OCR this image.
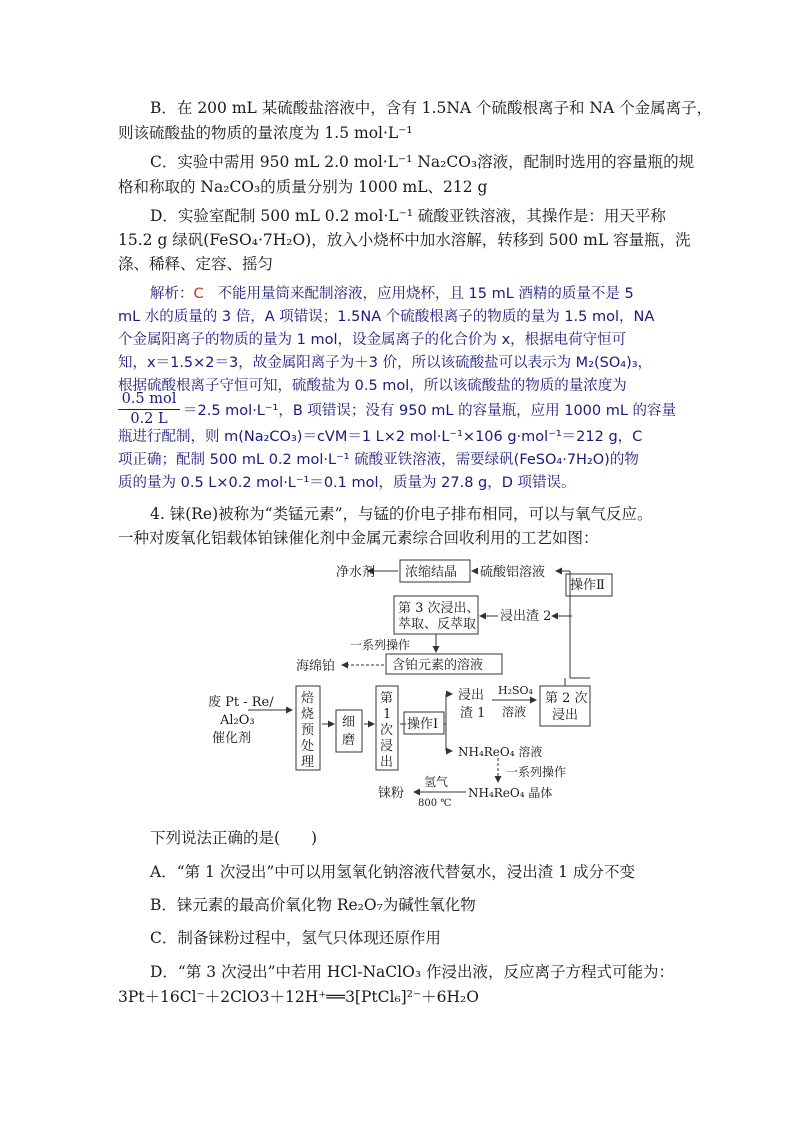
B．在 200 mL 某硫酸盐溶液中，含有 1.5NA 个硫酸根离子和 NA 个金属离子，
则该硫酸盐的物质的量浓度为 1.5 mol·L⁻¹
C．实验中需用 950 mL 2.0 mol·L⁻¹ Na₂CO₃溶液，配制时选用的容量瓶的规
格和称取的 Na₂CO₃的质量分别为 1000 mL、212 g
D．实验室配制 500 mL 0.2 mol·L⁻¹ 硫酸亚铁溶液，其操作是：用天平称
15.2 g 绿矾(FeSO₄·7H₂O)，放入小烧杯中加水溶解，转移到 500 mL 容量瓶，洗
涤、稀释、定容、摇匀
解析：C 不能用量筒来配制溶液，应用烧杯，且 15 mL 酒精的质量不是 5
mL 水的质量的 3 倍，A 项错误；1.5NA 个硫酸根离子的物质的量为 1.5 mol，NA
个金属阳离子的物质的量为 1 mol，设金属离子的化合价为 x，根据电荷守恒可
知，x＝1.5×2＝3，故金属阳离子为＋3 价，所以该硫酸盐可以表示为 M₂(SO₄)₃，
根据硫酸根离子守恒可知，硫酸盐为 0.5 mol，所以该硫酸盐的物质的量浓度为
0.5 mol
0.2 L	＝2.5 mol·L⁻¹，B 项错误；没有 950 mL 的容量瓶，应用 1000 mL 的容量
瓶进行配制，则 m(Na₂CO₃)＝cVM＝1 L×2 mol·L⁻¹×106 g·mol⁻¹＝212 g，C
项正确；配制 500 mL 0.2 mol·L⁻¹ 硫酸亚铁溶液，需要绿矾(FeSO₄·7H₂O)的物
质的量为 0.5 L×0.2 mol·L⁻¹＝0.1 mol，质量为 27.8 g，D 项错误。
4. 铼(Re)被称为“类锰元素”，与锰的价电子排布相同，可以与氧气反应。
一种对废氧化铝载体铂铼催化剂中金属元素综合回收利用的工艺如图：
净水剂 浓缩结晶 硫酸铝溶液
操作Ⅱ
第 3 次浸出、
萃取、反萃取
浸出渣 2
一系列操作
海绵铂	含铂元素的溶液
废 Pt - Re/
Al₂O₃
催化剂
焙
烧
预
处
理
细
磨
第
1
次
浸
出
操作Ⅰ
浸出
渣 1
H₂SO₄
溶液
第 2 次
浸出
NH₄ReO₄ 溶液
一系列操作
氢气
铼粉
800 ℃
NH₄ReO₄ 晶体
下列说法正确的是(　　)
A．“第 1 次浸出”中可以用氢氧化钠溶液代替氨水，浸出渣 1 成分不变
B．铼元素的最高价氧化物 Re₂O₇为碱性氧化物
C．制备铼粉过程中，氢气只体现还原作用
D．“第 3 次浸出”中若用 HCl-NaClO₃ 作浸出液，反应离子方程式可能为：
3Pt＋16Cl⁻＋2ClO3＋12H⁺══3[PtCl₆]²⁻＋6H₂O
